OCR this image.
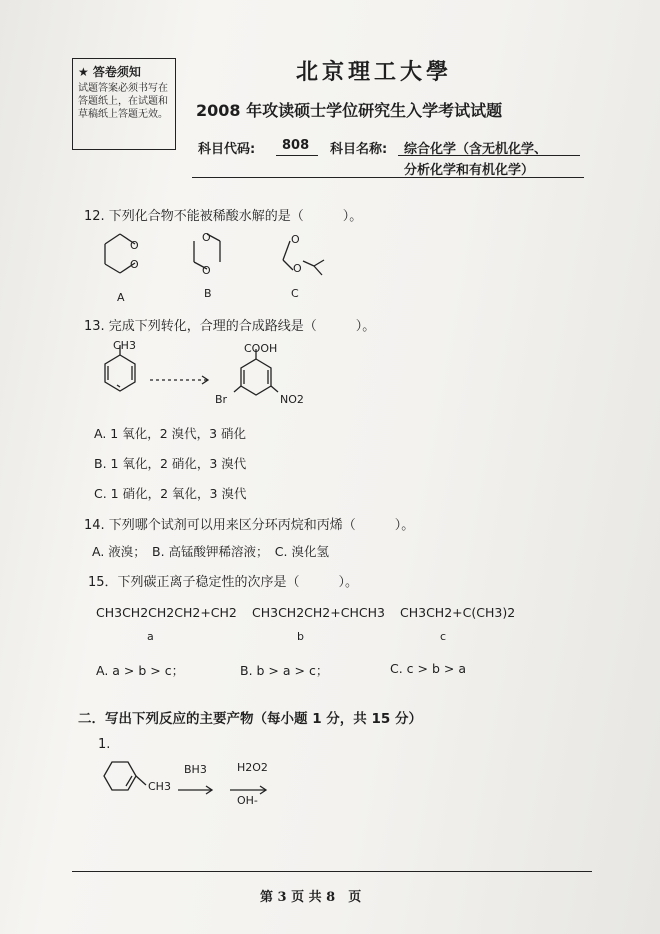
★ 答卷须知
试题答案必须书写在答题纸上，在试题和草稿纸上答题无效。
北京理工大學
2008 年攻读硕士学位研究生入学考试试题
科目代码: 808 科目名称: 综合化学（含无机化学、
分析化学和有机化学）
12. 下列化合物不能被稀酸水解的是（　　　）。
O
O
O
O
O
O
A	B	C
13. 完成下列转化，合理的合成路线是（　　　）。
CH3	COOH
Br	NO2
A. 1 氧化，2 溴代，3 硝化
B. 1 氧化，2 硝化，3 溴代
C. 1 硝化，2 氧化，3 溴代
14. 下列哪个试剂可以用来区分环丙烷和丙烯（　　　）。
A. 液溴；　B. 高锰酸钾稀溶液；　C. 溴化氢
15．下列碳正离子稳定性的次序是（　　　）。
CH3CH2CH2CH2+CH2 CH3CH2CH2+CHCH3 CH3CH2+C(CH3)2
a	b	c
A. a > b > c；	B. b > a > c；	C. c > b > a
二．写出下列反应的主要产物（每小题 1 分，共 15 分）
1.
CH3
BH3	H2O2
OH-
第 3 页 共 8　页
